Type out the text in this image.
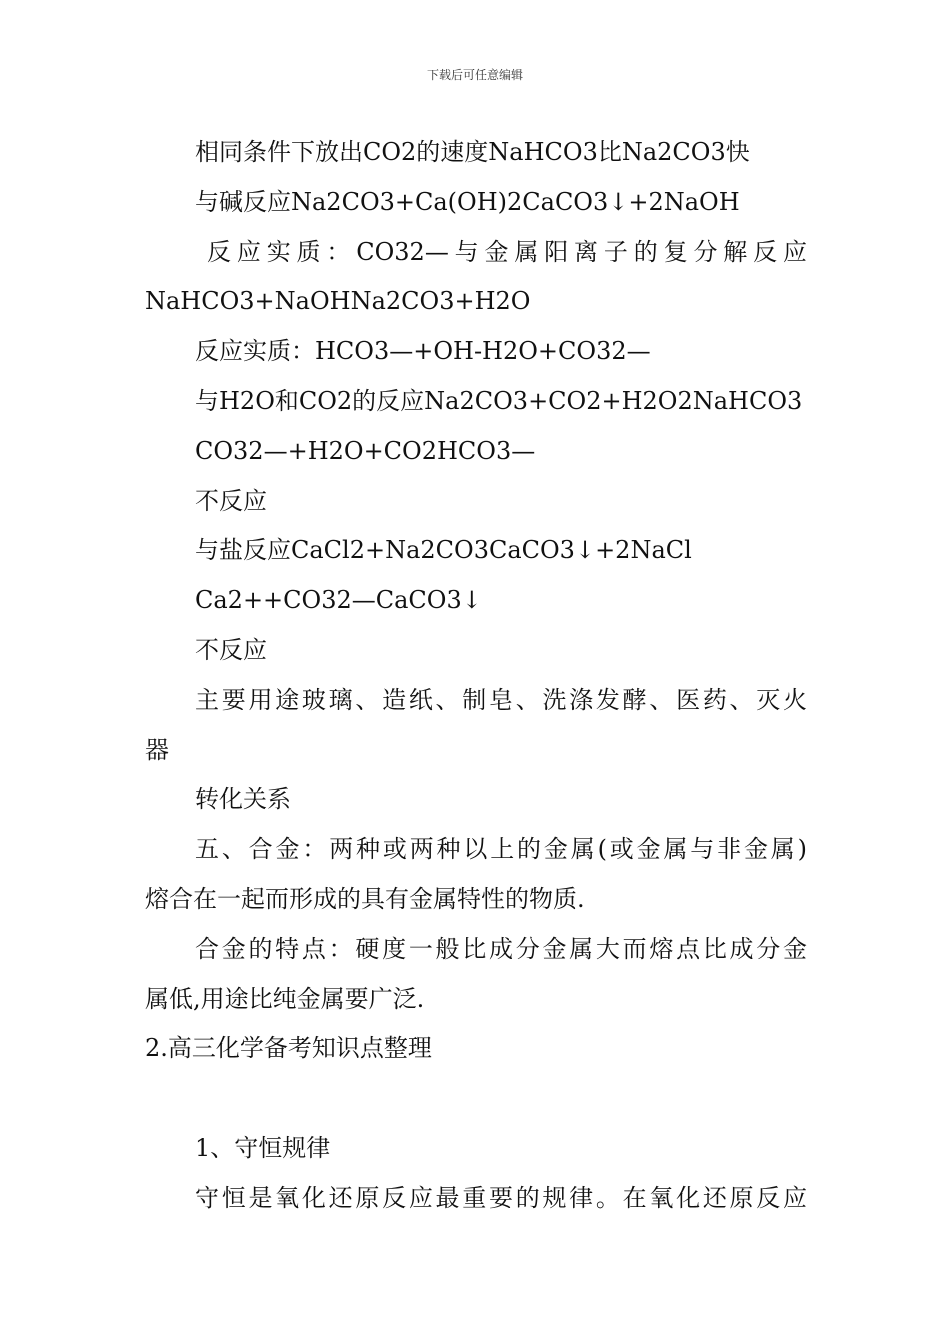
下载后可任意编辑

相同条件下放出CO2的速度NaHCO3比Na2CO3快

与碱反应Na2CO3+Ca(OH)2CaCO3↓+2NaOH

反应实质：CO32—与金属阳离子的复分解反应

NaHCO3+NaOHNa2CO3+H2O

反应实质：HCO3—+OH-H2O+CO32—

与H2O和CO2的反应Na2CO3+CO2+H2O2NaHCO3

CO32—+H2O+CO2HCO3—

不反应

与盐反应CaCl2+Na2CO3CaCO3↓+2NaCl

Ca2++CO32—CaCO3↓

不反应

主要用途玻璃、造纸、制皂、洗涤发酵、医药、灭火

器

转化关系

五、合金：两种或两种以上的金属(或金属与非金属)

熔合在一起而形成的具有金属特性的物质.

合金的特点：硬度一般比成分金属大而熔点比成分金

属低,用途比纯金属要广泛.

2.高三化学备考知识点整理

1、守恒规律

守恒是氧化还原反应最重要的规律。在氧化还原反应
